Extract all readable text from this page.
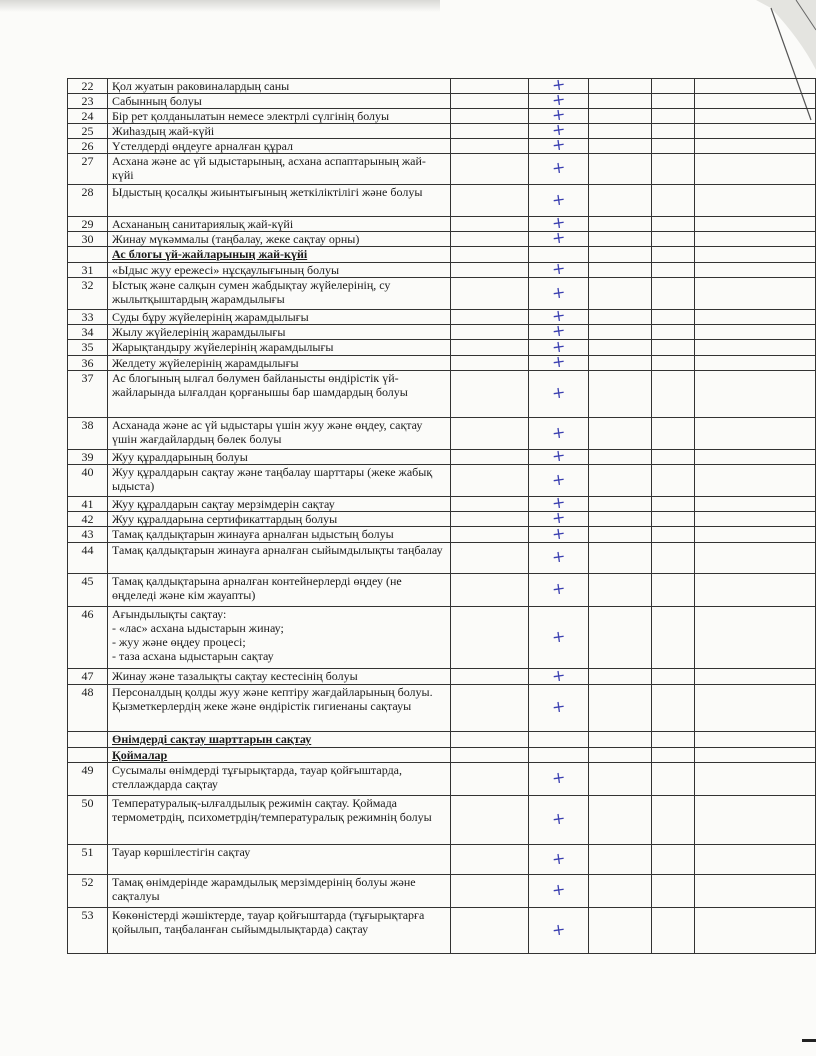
22	Қол жуатын раковиналардың саны		+			
23	Сабынның болуы		+			
24	Бір рет қолданылатын немесе электрлі сүлгінің болуы		+			
25	Жиһаздың жай-күйі		+			
26	Үстелдерді өңдеуге арналған құрал		+			
27	Асхана және ас үй ыдыстарының, асхана аспаптарының жай-күйі		+			
28	Ыдыстың қосалқы жиынтығының жеткіліктілігі және болуы		+			
29	Асхананың санитариялық жай-күйі		+			
30	Жинау мүкәммалы (таңбалау, жеке сақтау орны)		+			
	Ас блогы үй-жайларының жай-күйі					
31	«Ыдыс жуу ережесі» нұсқаулығының болуы		+			
32	Ыстық және салқын сумен жабдықтау жүйелерінің, су жылытқыштардың жарамдылығы		+			
33	Суды бұру жүйелерінің жарамдылығы		+			
34	Жылу жүйелерінің жарамдылығы		+			
35	Жарықтандыру жүйелерінің жарамдылығы		+			
36	Желдету жүйелерінің жарамдылығы		+			
37	Ас блогының ылғал бөлумен байланысты өндірістік үй-жайларында ылғалдан қорғанышы бар шамдардың болуы		+			
38	Асханада және ас үй ыдыстары үшін жуу және өңдеу, сақтау үшін жағдайлардың бөлек болуы		+			
39	Жуу құралдарының болуы		+			
40	Жуу құралдарын сақтау және таңбалау шарттары (жеке жабық ыдыста)		+			
41	Жуу құралдарын сақтау мерзімдерін сақтау		+			
42	Жуу құралдарына сертификаттардың болуы		+			
43	Тамақ қалдықтарын жинауға арналған ыдыстың болуы		+			
44	Тамақ қалдықтарын жинауға арналған сыйымдылықты таңбалау		+			
45	Тамақ қалдықтарына арналған контейнерлерді өңдеу (не өңделеді және кім жауапты)		+			
46	Ағындылықты сақтау:
- «лас» асхана ыдыстарын жинау;
- жуу және өңдеу процесі;
- таза асхана ыдыстарын сақтау		+			
47	Жинау және тазалықты сақтау кестесінің болуы		+			
48	Персоналдың қолды жуу және кептіру жағдайларының болуы. Қызметкерлердің жеке және өндірістік гигиенаны сақтауы		+			
	Өнімдерді сақтау шарттарын сақтау					
	Қоймалар					
49	Сусымалы өнімдерді тұғырықтарда, тауар қойғыштарда, стеллаждарда сақтау		+			
50	Температуралық-ылғалдылық режимін сақтау. Қоймада термометрдің, психометрдің/температуралық режимнің болуы		+			
51	Тауар көршілестігін сақтау		+			
52	Тамақ өнімдерінде жарамдылық мерзімдерінің болуы және сақталуы		+			
53	Көкөністерді жәшіктерде, тауар қойғыштарда (тұғырықтарға қойылып, таңбаланған сыйымдылықтарда) сақтау		+			
